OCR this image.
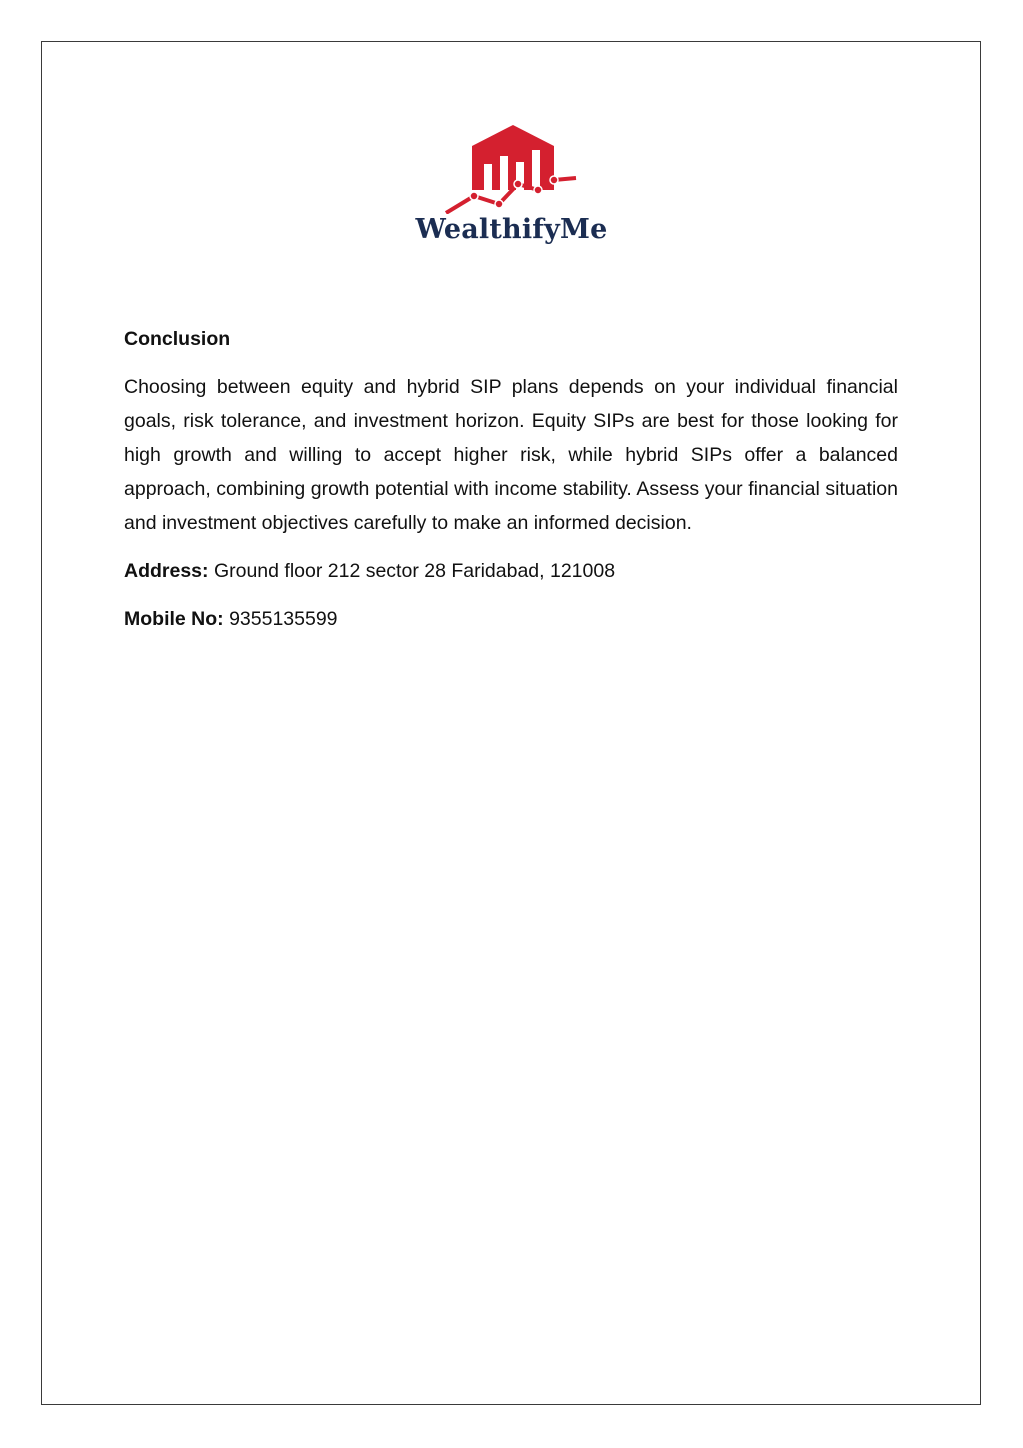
WealthifyMe

Conclusion

Choosing between equity and hybrid SIP plans depends on your individual financial goals, risk tolerance, and investment horizon. Equity SIPs are best for those looking for high growth and willing to accept higher risk, while hybrid SIPs offer a balanced approach, combining growth potential with income stability. Assess your financial situation and investment objectives carefully to make an informed decision.

Address: Ground floor 212 sector 28 Faridabad, 121008

Mobile No: 9355135599
